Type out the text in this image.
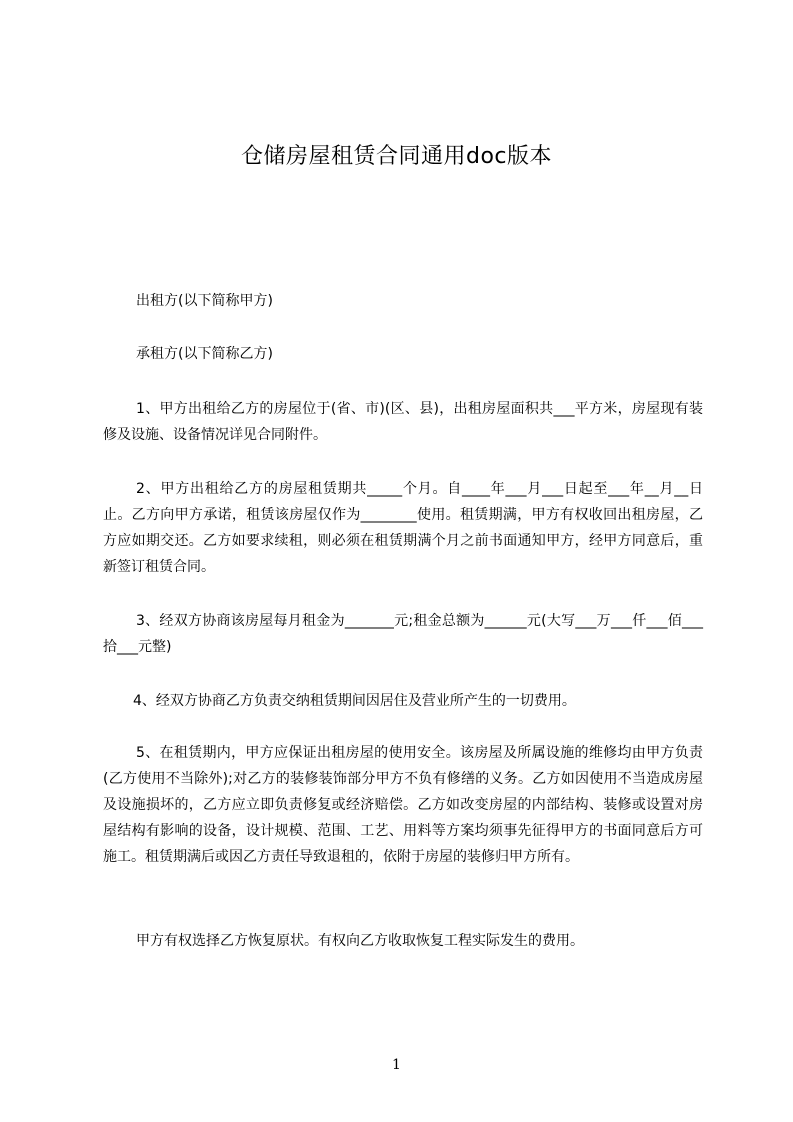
仓储房屋租赁合同通用doc版本
出租方(以下简称甲方)
承租方(以下简称乙方)
1、甲方出租给乙方的房屋位于(省、市)(区、县)，出租房屋面积共___平方米，房屋现有装修及设施、设备情况详见合同附件。
2、甲方出租给乙方的房屋租赁期共_____个月。自____年___月___日起至___年__月__日止。乙方向甲方承诺，租赁该房屋仅作为________使用。租赁期满，甲方有权收回出租房屋，乙方应如期交还。乙方如要求续租，则必须在租赁期满个月之前书面通知甲方，经甲方同意后，重新签订租赁合同。
3、经双方协商该房屋每月租金为_______元;租金总额为______元(大写___万___仟___佰___拾___元整)
4、经双方协商乙方负责交纳租赁期间因居住及营业所产生的一切费用。
5、在租赁期内，甲方应保证出租房屋的使用安全。该房屋及所属设施的维修均由甲方负责(乙方使用不当除外);对乙方的装修装饰部分甲方不负有修缮的义务。乙方如因使用不当造成房屋及设施损坏的，乙方应立即负责修复或经济赔偿。乙方如改变房屋的内部结构、装修或设置对房屋结构有影响的设备，设计规模、范围、工艺、用料等方案均须事先征得甲方的书面同意后方可施工。租赁期满后或因乙方责任导致退租的，依附于房屋的装修归甲方所有。
甲方有权选择乙方恢复原状。有权向乙方收取恢复工程实际发生的费用。
1
